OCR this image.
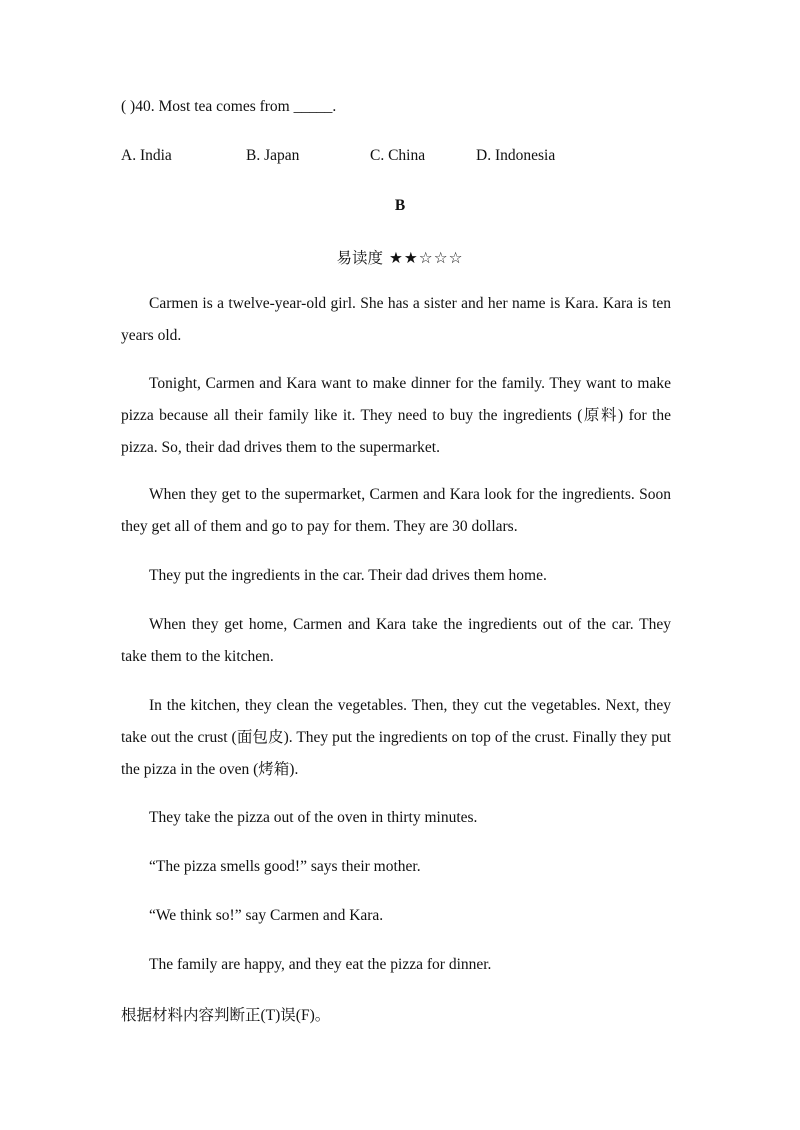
( )40. Most tea comes from _____.
A. India	B. Japan	C. China	D. Indonesia
B
易读度 ★★☆☆☆
Carmen is a twelve-year-old girl. She has a sister and her name is Kara. Kara is ten years old.
Tonight, Carmen and Kara want to make dinner for the family. They want to make pizza because all their family like it. They need to buy the ingredients (原料) for the pizza. So, their dad drives them to the supermarket.
When they get to the supermarket, Carmen and Kara look for the ingredients. Soon they get all of them and go to pay for them. They are 30 dollars.
They put the ingredients in the car. Their dad drives them home.
When they get home, Carmen and Kara take the ingredients out of the car. They take them to the kitchen.
In the kitchen, they clean the vegetables. Then, they cut the vegetables. Next, they take out the crust (面包皮). They put the ingredients on top of the crust. Finally they put the pizza in the oven (烤箱).
They take the pizza out of the oven in thirty minutes.
“The pizza smells good!” says their mother.
“We think so!” say Carmen and Kara.
The family are happy, and they eat the pizza for dinner.
根据材料内容判断正(T)误(F)。
